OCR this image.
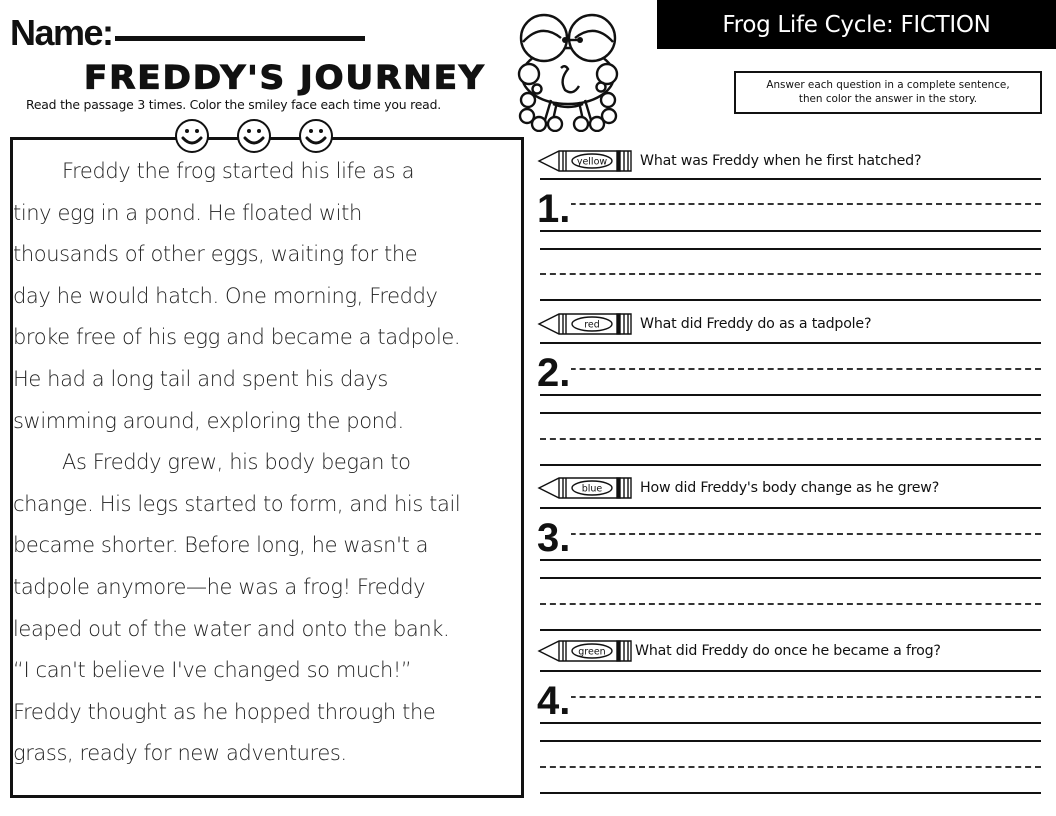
Name:
FREDDY'S JOURNEY
Read the passage 3 times. Color the smiley face each time you read.
Freddy the frog started his life as a
tiny egg in a pond. He floated with
thousands of other eggs, waiting for the
day he would hatch. One morning, Freddy
broke free of his egg and became a tadpole.
He had a long tail and spent his days
swimming around, exploring the pond.
As Freddy grew, his body began to
change. His legs started to form, and his tail
became shorter. Before long, he wasn't a
tadpole anymore—he was a frog! Freddy
leaped out of the water and onto the bank.
“I can't believe I've changed so much!”
Freddy thought as he hopped through the
grass, ready for new adventures.
Frog Life Cycle: FICTION
Answer each question in a complete sentence,
then color the answer in the story.
yellow What was Freddy when he first hatched?
1.
red	What did Freddy do as a tadpole?
2.
blue	How did Freddy's body change as he grew?
3.
green What did Freddy do once he became a frog?
4.
